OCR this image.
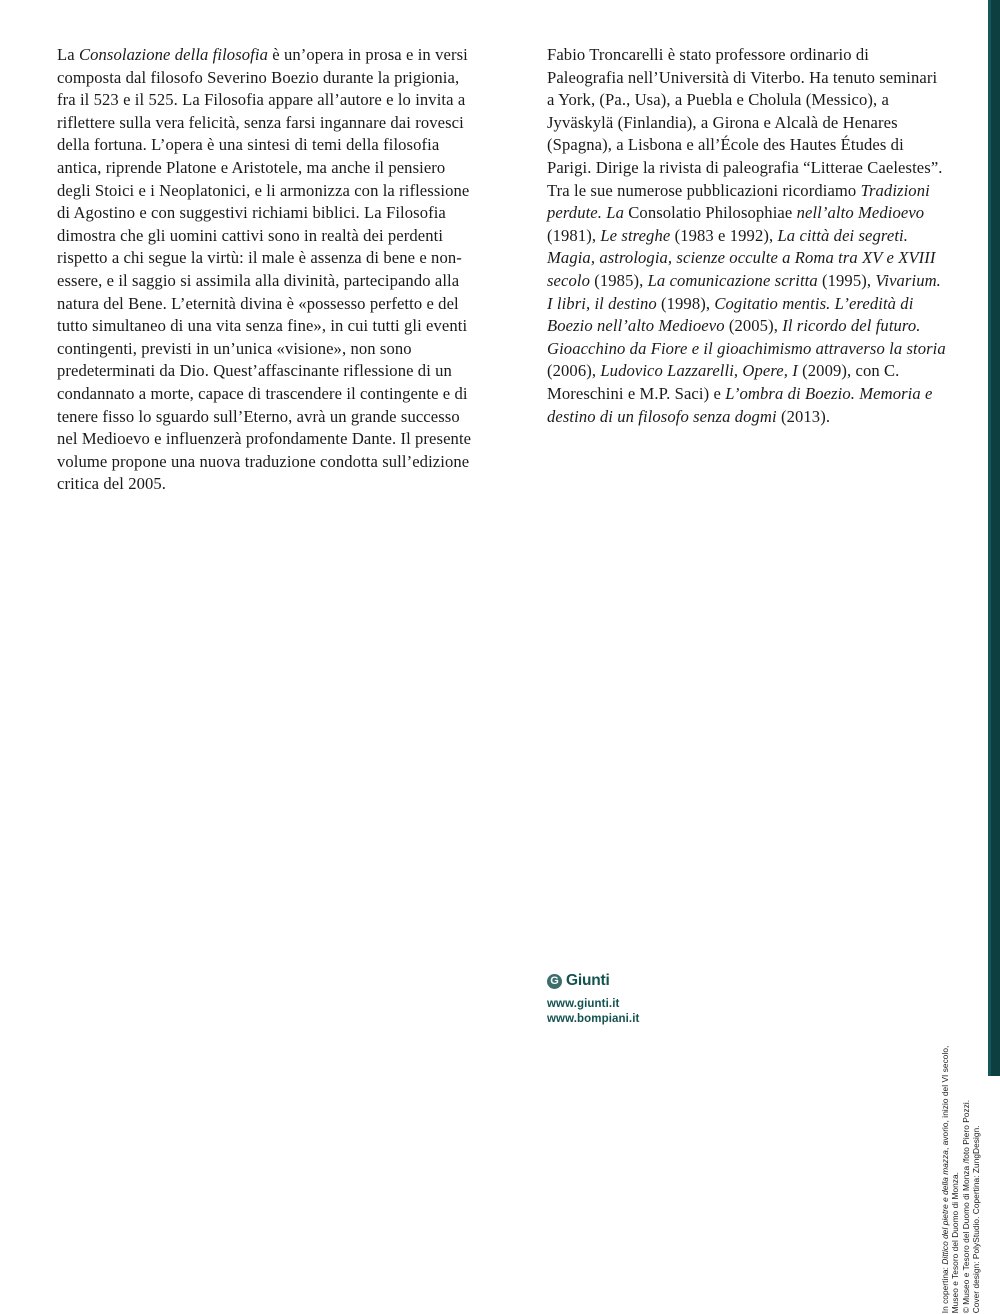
La Consolazione della filosofia è un’opera in prosa e in versi composta dal filosofo Severino Boezio durante la prigionia, fra il 523 e il 525. La Filosofia appare all’autore e lo invita a riflettere sulla vera felicità, senza farsi ingannare dai rovesci della fortuna. L’opera è una sintesi di temi della filosofia antica, riprende Platone e Aristotele, ma anche il pensiero degli Stoici e i Neoplatonici, e li armonizza con la riflessione di Agostino e con suggestivi richiami biblici. La Filosofia dimostra che gli uomini cattivi sono in realtà dei perdenti rispetto a chi segue la virtù: il male è assenza di bene e non-essere, e il saggio si assimila alla divinità, partecipando alla natura del Bene. L’eternità divina è «possesso perfetto e del tutto simultaneo di una vita senza fine», in cui tutti gli eventi contingenti, previsti in un’unica «visione», non sono predeterminati da Dio. Quest’affascinante riflessione di un condannato a morte, capace di trascendere il contingente e di tenere fisso lo sguardo sull’Eterno, avrà un grande successo nel Medioevo e influenzerà profondamente Dante. Il presente volume propone una nuova traduzione condotta sull’edizione critica del 2005.

Fabio Troncarelli è stato professore ordinario di Paleografia nell’Università di Viterbo. Ha tenuto seminari a York, (Pa., Usa), a Puebla e Cholula (Messico), a Jyväskylä (Finlandia), a Girona e Alcalà de Henares (Spagna), a Lisbona e all’École des Hautes Études di Parigi. Dirige la rivista di paleografia “Litterae Caelestes”. Tra le sue numerose pubblicazioni ricordiamo Tradizioni perdute. La Consolatio Philosophiae nell’alto Medioevo (1981), Le streghe (1983 e 1992), La città dei segreti. Magia, astrologia, scienze occulte a Roma tra XV e XVIII secolo (1985), La comunicazione scritta (1995), Vivarium. I libri, il destino (1998), Cogitatio mentis. L’eredità di Boezio nell’alto Medioevo (2005), Il ricordo del futuro. Gioacchino da Fiore e il gioachimismo attraverso la storia (2006), Ludovico Lazzarelli, Opere, I (2009), con C. Moreschini e M.P. Saci) e L’ombra di Boezio. Memoria e destino di un filosofo senza dogmi (2013).

G Giunti
www.giunti.it
www.bompiani.it
In copertina: Dittico del pietre e della mazza, avorio, inizio del VI secolo,
Museo e Tesoro del Duomo di Monza. © Museo e Tesoro del Duomo di Monza /foto Piero Pozzi. Cover design: PolyStudio. Copertina: ZungDesign.
